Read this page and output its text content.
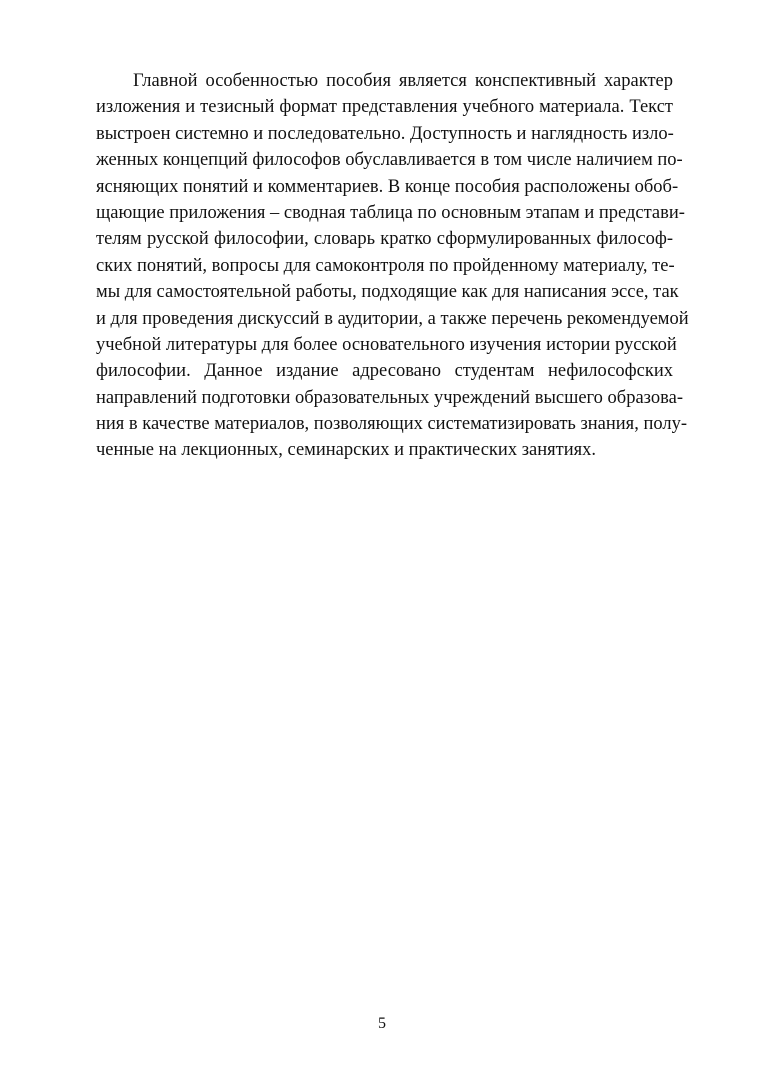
Главной особенностью пособия является конспективный характер
изложения и тезисный формат представления учебного материала. Текст
выстроен системно и последовательно. Доступность и наглядность изло-
женных концепций философов обуславливается в том числе наличием по-
ясняющих понятий и комментариев. В конце пособия расположены обоб-
щающие приложения – сводная таблица по основным этапам и представи-
телям русской философии, словарь кратко сформулированных философ-
ских понятий, вопросы для самоконтроля по пройденному материалу, те-
мы для самостоятельной работы, подходящие как для написания эссе, так
и для проведения дискуссий в аудитории, а также перечень рекомендуемой
учебной литературы для более основательного изучения истории русской
философии. Данное издание адресовано студентам нефилософских
направлений подготовки образовательных учреждений высшего образова-
ния в качестве материалов, позволяющих систематизировать знания, полу-
ченные на лекционных, семинарских и практических занятиях.
5
